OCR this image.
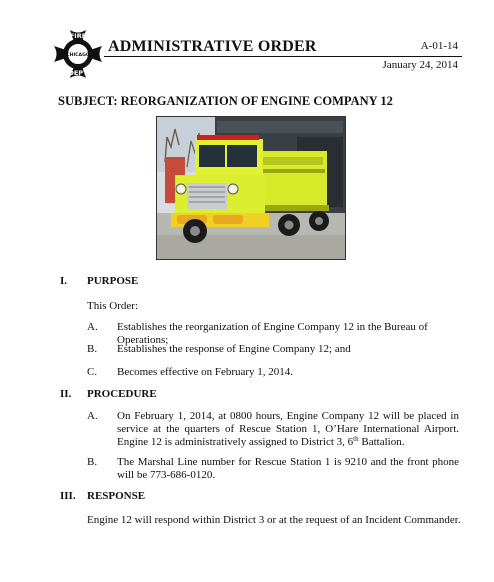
FIRE
CHICAGO
DEPT
ADMINISTRATIVE ORDER	A-01-14
January 24, 2014
SUBJECT: REORGANIZATION OF ENGINE COMPANY 12
I. PURPOSE
This Order:
A. Establishes the reorganization of Engine Company 12 in the Bureau of Operations;
B. Establishes the response of Engine Company 12; and
C. Becomes effective on February 1, 2014.
II. PROCEDURE
A. On February 1, 2014, at 0800 hours, Engine Company 12 will be placed in service at the quarters of Rescue Station 1, O’Hare International Airport. Engine 12 is administratively assigned to District 3, 6th Battalion.
B. The Marshal Line number for Rescue Station 1 is 9210 and the front phone will be 773-686-0120.
III. RESPONSE
Engine 12 will respond within District 3 or at the request of an Incident Commander.
